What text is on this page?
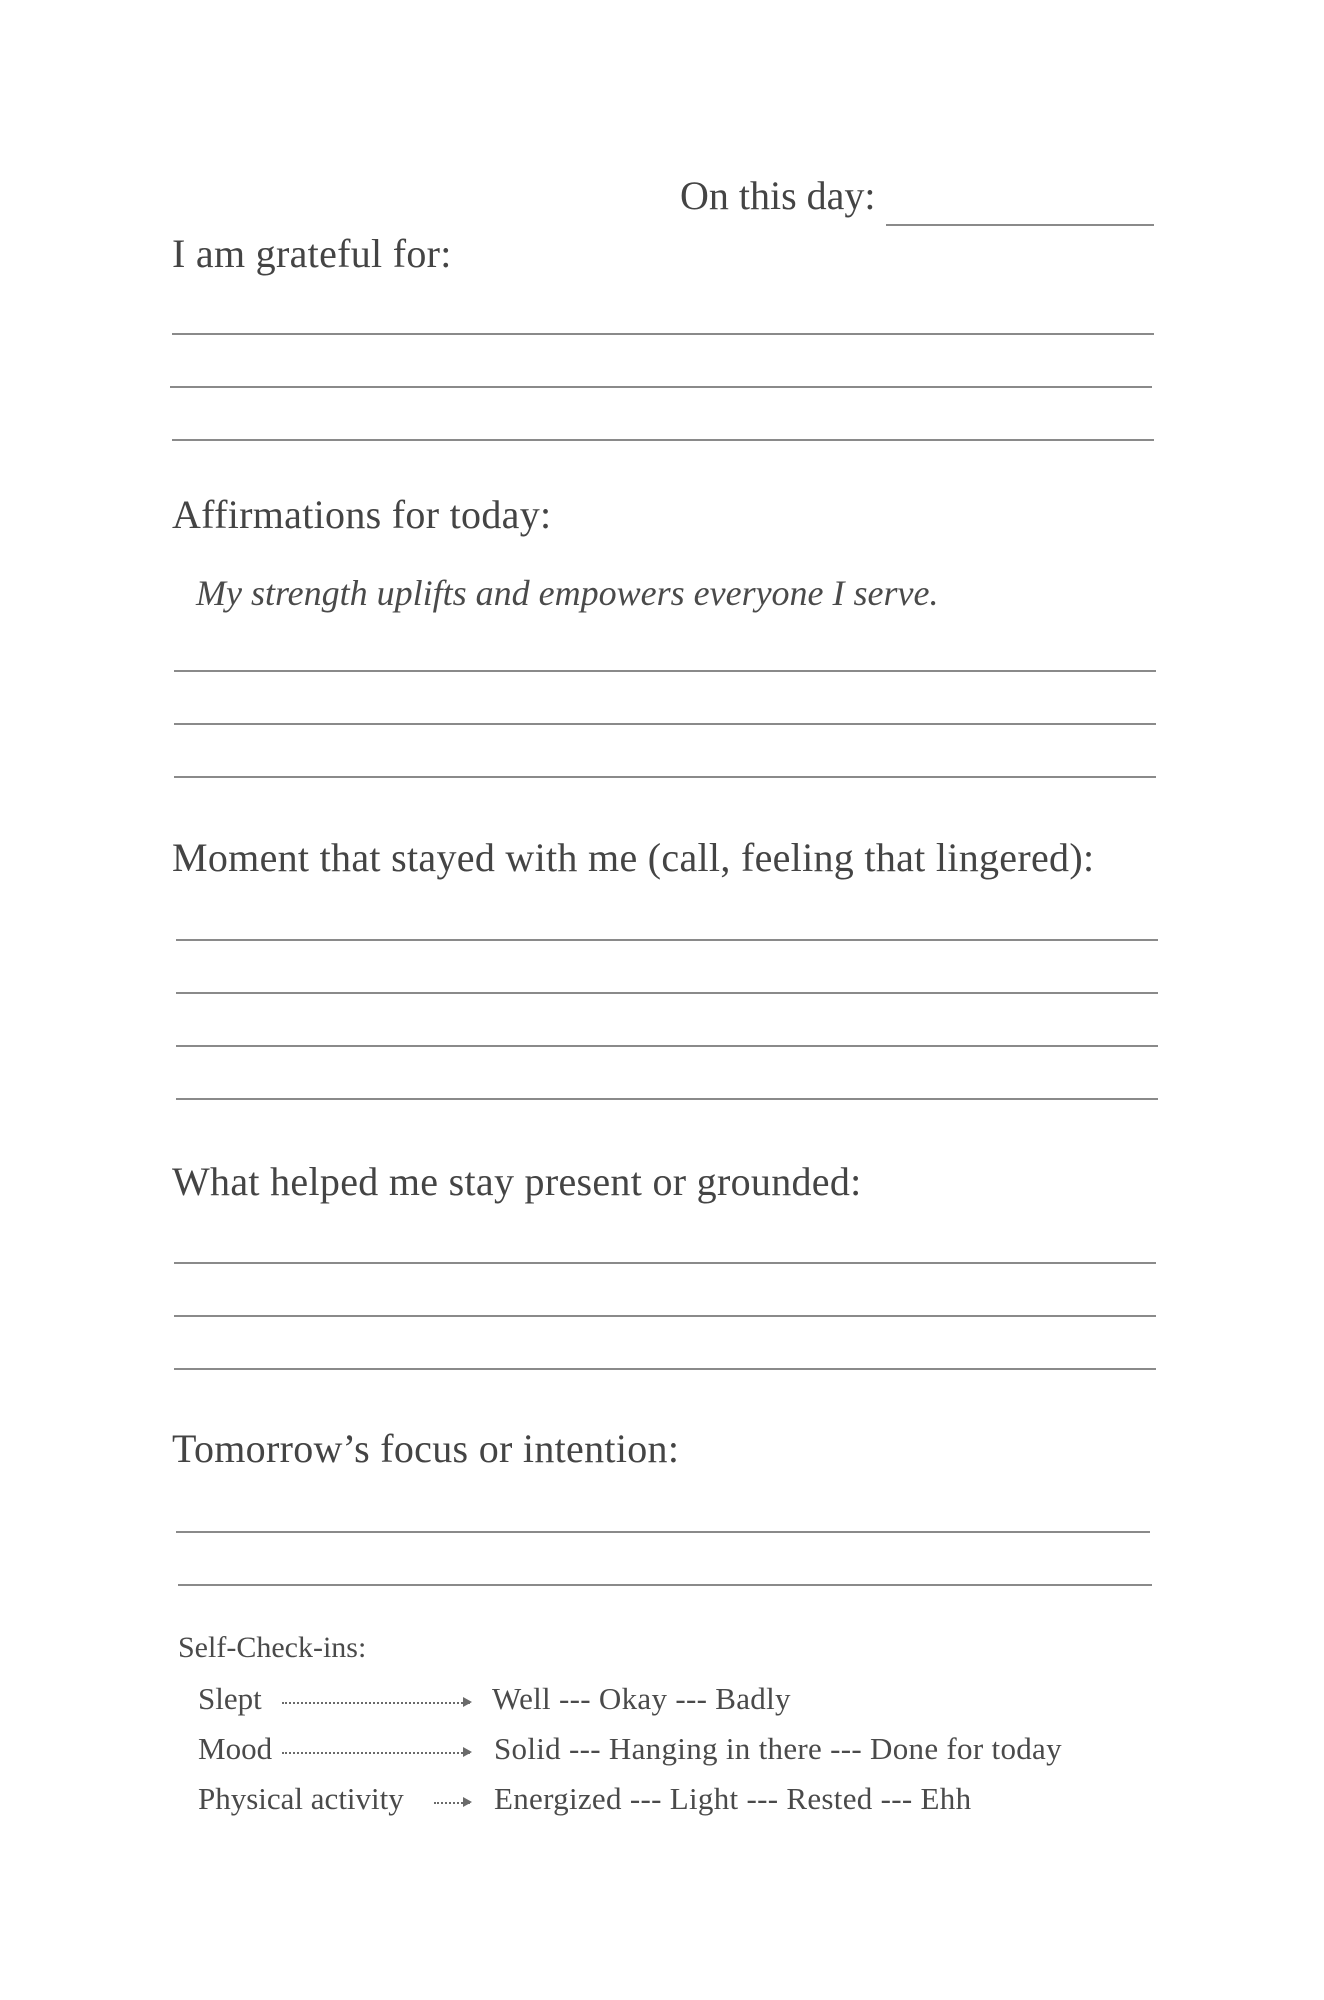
On this day:
I am grateful for:
Affirmations for today:
My strength uplifts and empowers everyone I serve.
Moment that stayed with me (call, feeling that lingered):
What helped me stay present or grounded:
Tomorrow’s focus or intention:
Self-Check-ins:
Slept	Well --- Okay --- Badly
Mood	Solid --- Hanging in there --- Done for today
Physical activity	Energized --- Light --- Rested --- Ehh
